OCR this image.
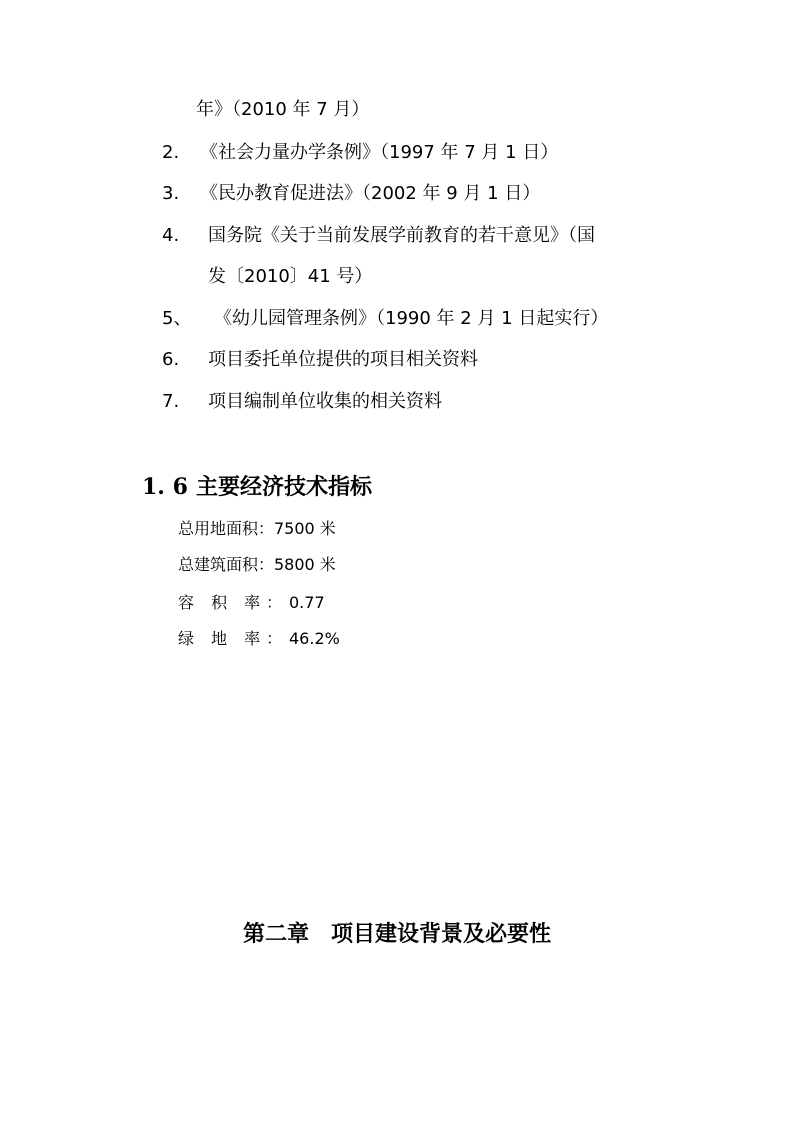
年》（2010 年 7 月）
2. 《社会力量办学条例》（1997 年 7 月 1 日）
3. 《民办教育促进法》（2002 年 9 月 1 日）
4. 国务院《关于当前发展学前教育的若干意见》（国
发〔2010〕41 号）
5、 《幼儿园管理条例》（1990 年 2 月 1 日起实行）
6. 项目委托单位提供的项目相关资料
7. 项目编制单位收集的相关资料
1. 6 主要经济技术指标
总用地面积： 7500 米
总建筑面积： 5800 米
容 积 率： 0.77
绿 地 率： 46.2%
第二章　项目建设背景及必要性
